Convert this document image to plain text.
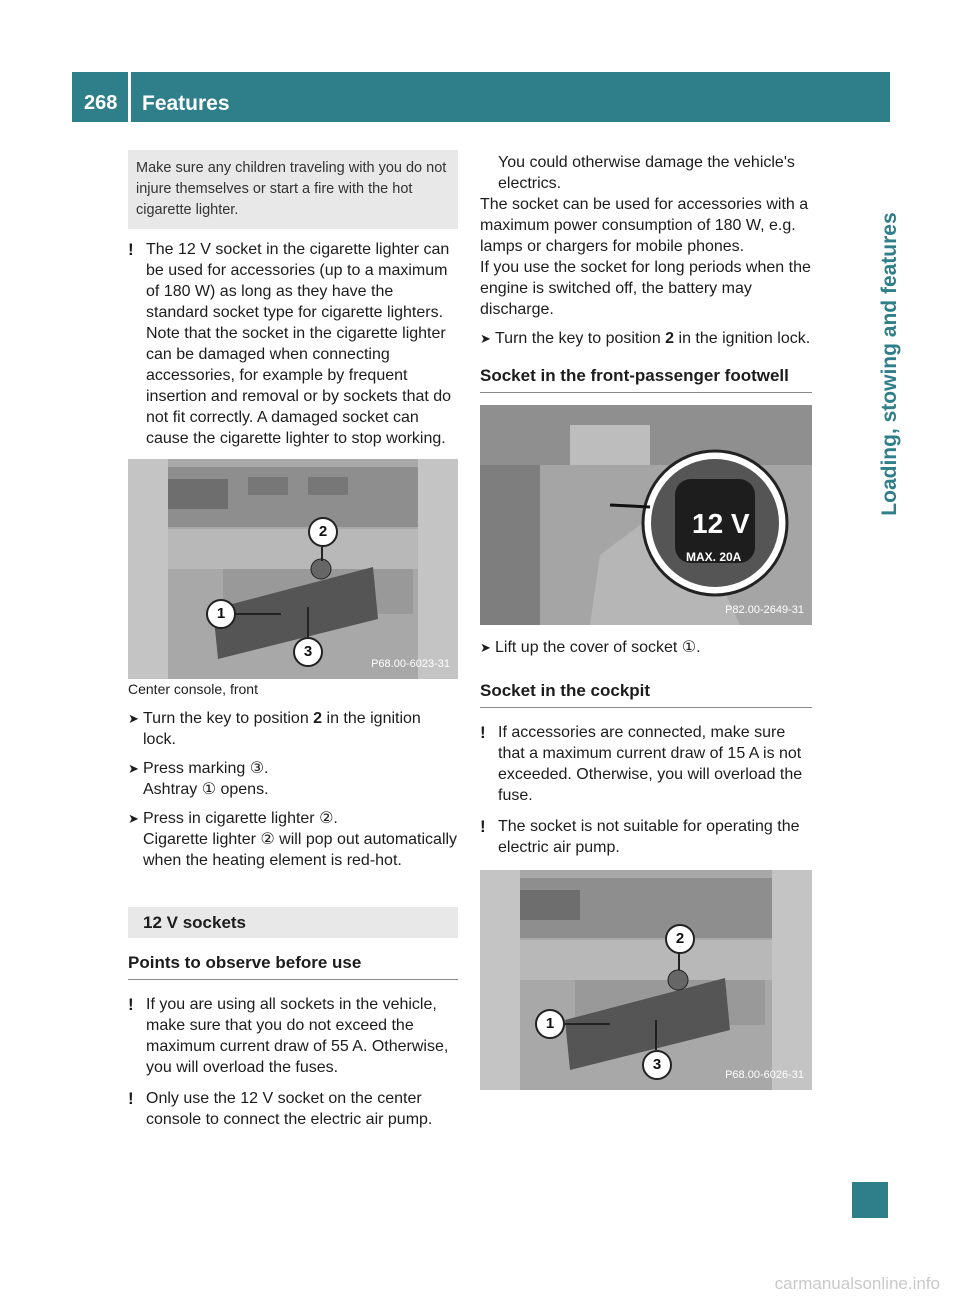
268 Features
Loading, stowing and features
Make sure any children traveling with you do not injure themselves or start a fire with the hot cigarette lighter.
! The 12 V socket in the cigarette lighter can be used for accessories (up to a maximum of 180 W) as long as they have the standard socket type for cigarette lighters. Note that the socket in the cigarette lighter can be damaged when connecting accessories, for example by frequent insertion and removal or by sockets that do not fit correctly. A damaged socket can cause the cigarette lighter to stop working.

2
1
3
P68.00-6023-31

Center console, front

➤ Turn the key to position 2 in the ignition lock.

➤ Press marking ③.

Ashtray ① opens.

➤ Press in cigarette lighter ②.

Cigarette lighter ② will pop out automatically when the heating element is red-hot.

12 V sockets
Points to observe before use
! If you are using all sockets in the vehicle, make sure that you do not exceed the maximum current draw of 55 A. Otherwise, you will overload the fuses.

! Only use the 12 V socket on the center console to connect the electric air pump.

You could otherwise damage the vehicle's electrics.

The socket can be used for accessories with a maximum power consumption of 180 W, e.g. lamps or chargers for mobile phones.

If you use the socket for long periods when the engine is switched off, the battery may discharge.

➤ Turn the key to position 2 in the ignition lock.

Socket in the front-passenger footwell
12 V
MAX. 20A
P82.00-2649-31
➤ Lift up the cover of socket ①.

Socket in the cockpit
! If accessories are connected, make sure that a maximum current draw of 15 A is not exceeded. Otherwise, you will overload the fuse.

! The socket is not suitable for operating the electric air pump.

2
1
3
P68.00-6026-31
carmanualsonline.info
